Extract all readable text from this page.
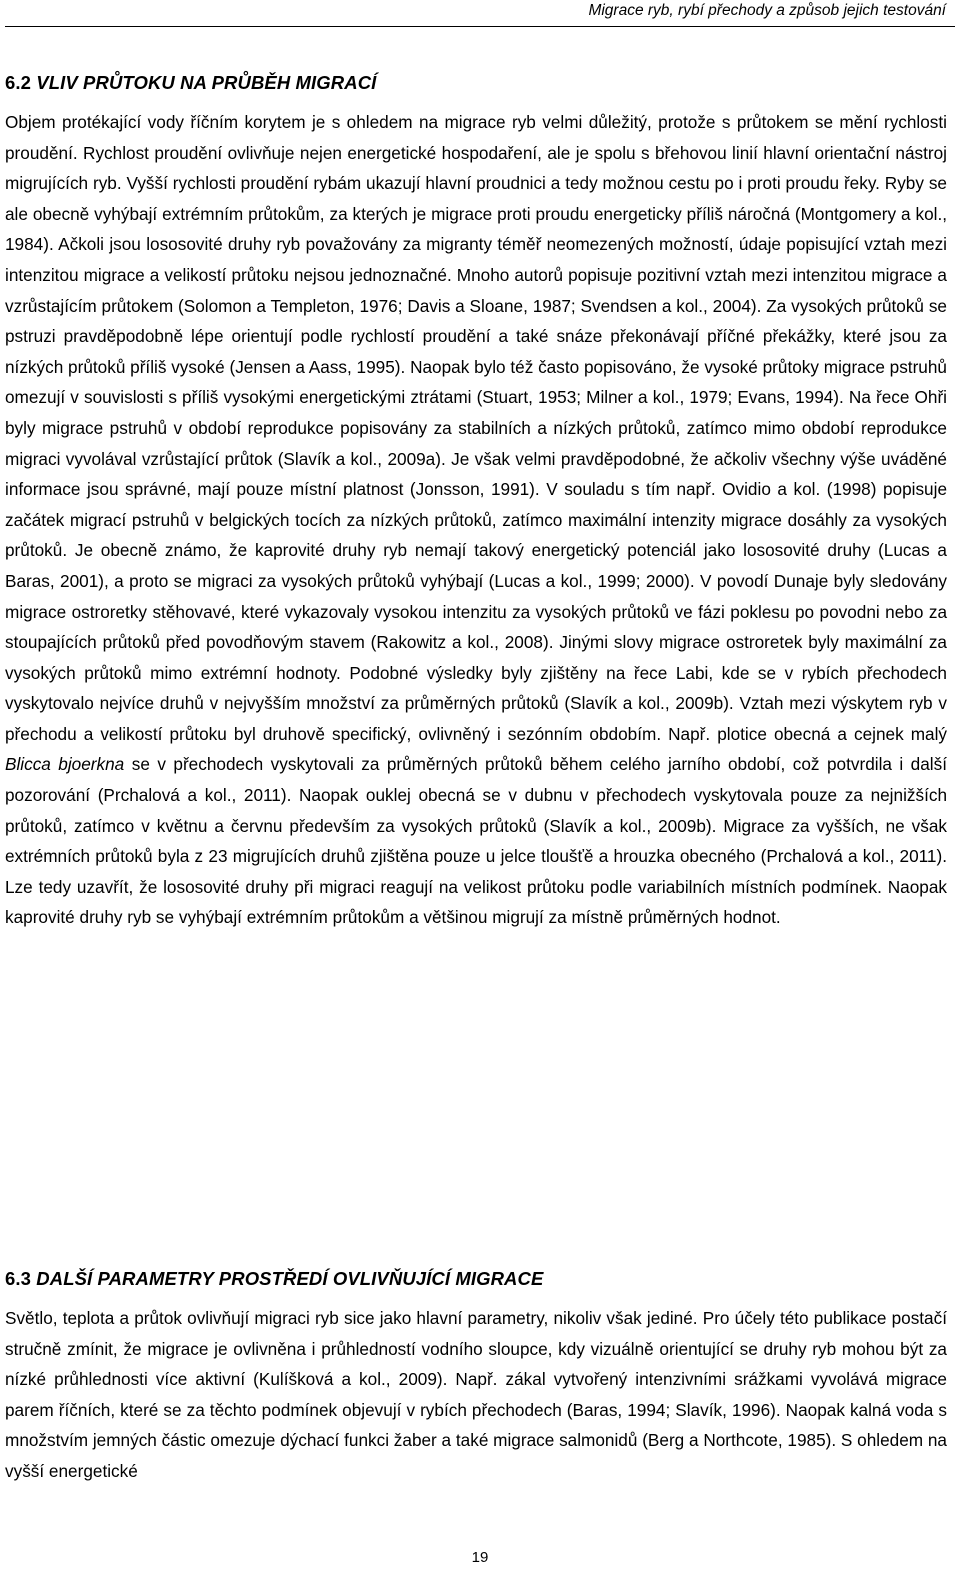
Migrace ryb, rybí přechody a způsob jejich testování
6.2 VLIV PRŮTOKU NA PRŮBĚH MIGRACÍ

Objem protékající vody říčním korytem je s ohledem na migrace ryb velmi důležitý, protože s průtokem se mění rychlosti proudění. Rychlost proudění ovlivňuje nejen energetické hospodaření, ale je spolu s břehovou linií hlavní orientační nástroj migrujících ryb. Vyšší rychlosti proudění rybám ukazují hlavní proudnici a tedy možnou cestu po i proti proudu řeky. Ryby se ale obecně vyhýbají extrémním průtokům, za kterých je migrace proti proudu energeticky příliš náročná (Montgomery a kol., 1984). Ačkoli jsou lososovité druhy ryb považovány za migranty téměř neomezených možností, údaje popisující vztah mezi intenzitou migrace a velikostí průtoku nejsou jednoznačné. Mnoho autorů popisuje pozitivní vztah mezi intenzitou migrace a vzrůstajícím průtokem (Solomon a Templeton, 1976; Davis a Sloane, 1987; Svendsen a kol., 2004). Za vysokých průtoků se pstruzi pravděpodobně lépe orientují podle rychlostí proudění a také snáze překonávají příčné překážky, které jsou za nízkých průtoků příliš vysoké (Jensen a Aass, 1995). Naopak bylo též často popisováno, že vysoké průtoky migrace pstruhů omezují v souvislosti s příliš vysokými energetickými ztrátami (Stuart, 1953; Milner a kol., 1979; Evans, 1994). Na řece Ohři byly migrace pstruhů v období reprodukce popisovány za stabilních a nízkých průtoků, zatímco mimo období reprodukce migraci vyvolával vzrůstající průtok (Slavík a kol., 2009a). Je však velmi pravděpodobné, že ačkoliv všechny výše uváděné informace jsou správné, mají pouze místní platnost (Jonsson, 1991). V souladu s tím např. Ovidio a kol. (1998) popisuje začátek migrací pstruhů v belgických tocích za nízkých průtoků, zatímco maximální intenzity migrace dosáhly za vysokých průtoků. Je obecně známo, že kaprovité druhy ryb nemají takový energetický potenciál jako lososovité druhy (Lucas a Baras, 2001), a proto se migraci za vysokých průtoků vyhýbají (Lucas a kol., 1999; 2000). V povodí Dunaje byly sledovány migrace ostroretky stěhovavé, které vykazovaly vysokou intenzitu za vysokých průtoků ve fázi poklesu po povodni nebo za stoupajících průtoků před povodňovým stavem (Rakowitz a kol., 2008). Jinými slovy migrace ostroretek byly maximální za vysokých průtoků mimo extrémní hodnoty. Podobné výsledky byly zjištěny na řece Labi, kde se v rybích přechodech vyskytovalo nejvíce druhů v nejvyšším množství za průměrných průtoků (Slavík a kol., 2009b). Vztah mezi výskytem ryb v přechodu a velikostí průtoku byl druhově specifický, ovlivněný i sezónním obdobím. Např. plotice obecná a cejnek malý Blicca bjoerkna se v přechodech vyskytovali za průměrných průtoků během celého jarního období, což potvrdila i další pozorování (Prchalová a kol., 2011). Naopak ouklej obecná se v dubnu v přechodech vyskytovala pouze za nejnižších průtoků, zatímco v květnu a červnu především za vysokých průtoků (Slavík a kol., 2009b). Migrace za vyšších, ne však extrémních průtoků byla z 23 migrujících druhů zjištěna pouze u jelce tloušťě a hrouzka obecného (Prchalová a kol., 2011). Lze tedy uzavřít, že lososovité druhy při migraci reagují na velikost průtoku podle variabilních místních podmínek. Naopak kaprovité druhy ryb se vyhýbají extrémním průtokům a většinou migrují za místně průměrných hodnot.

6.3 DALŠÍ PARAMETRY PROSTŘEDÍ OVLIVŇUJÍCÍ MIGRACE

Světlo, teplota a průtok ovlivňují migraci ryb sice jako hlavní parametry, nikoliv však jediné. Pro účely této publikace postačí stručně zmínit, že migrace je ovlivněna i průhledností vodního sloupce, kdy vizuálně orientující se druhy ryb mohou být za nízké průhlednosti více aktivní (Kulíšková a kol., 2009). Např. zákal vytvořený intenzivními srážkami vyvolává migrace parem říčních, které se za těchto podmínek objevují v rybích přechodech (Baras, 1994; Slavík, 1996). Naopak kalná voda s množstvím jemných částic omezuje dýchací funkci žaber a také migrace salmonidů (Berg a Northcote, 1985). S ohledem na vyšší energetické

19
